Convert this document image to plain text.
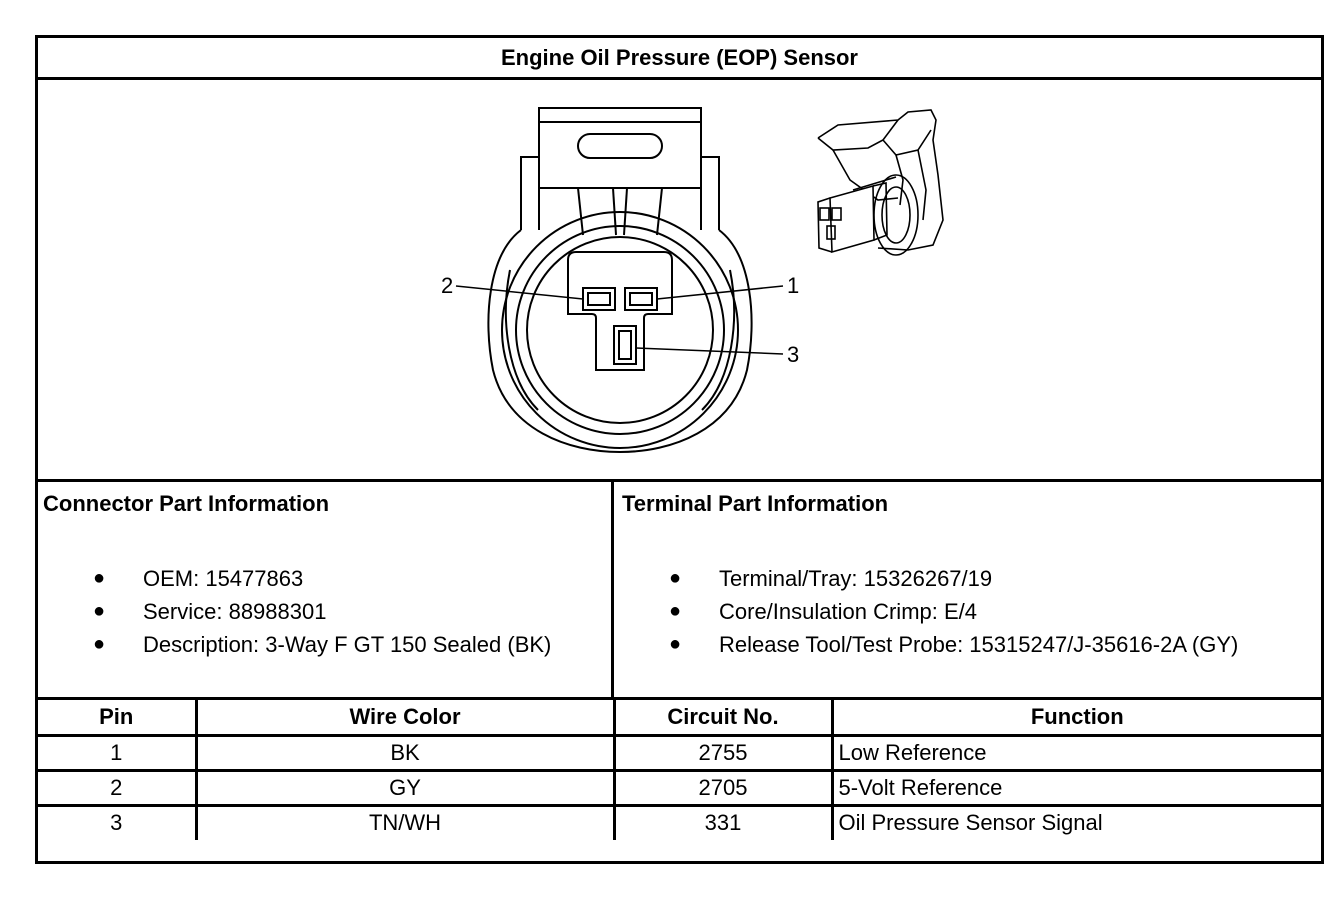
Engine Oil Pressure (EOP) Sensor
2	1
3
Connector Part Information
● OEM: 15477863
● Service: 88988301
● Description: 3-Way F GT 150 Sealed (BK)
Terminal Part Information
● Terminal/Tray: 15326267/19
● Core/Insulation Crimp: E/4
● Release Tool/Test Probe: 15315247/J-35616-2A (GY)
Pin	Wire Color	Circuit No.	Function
1	BK	2755	Low Reference
2	GY	2705	5-Volt Reference
3	TN/WH	331	Oil Pressure Sensor Signal
